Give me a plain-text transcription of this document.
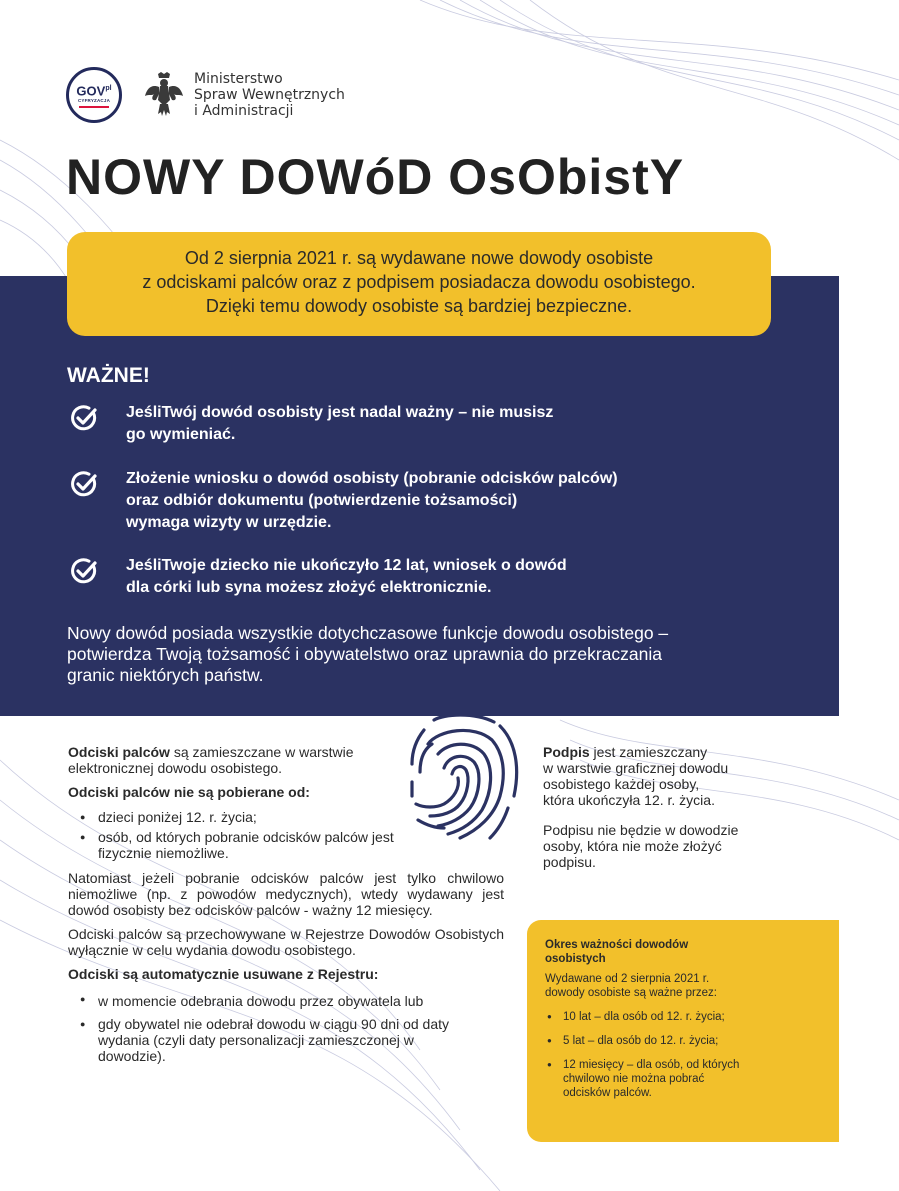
$GOV^{pl}$
CYFRYZACJA
Ministerstwo
Spraw Wewnętrznych
i Administracji
NOWY DOWóD OsObistY
Od 2 sierpnia 2021 r. są wydawane nowe dowody osobiste
z odciskami palców oraz z podpisem posiadacza dowodu osobistego.
Dzięki temu dowody osobiste są bardziej bezpieczne.
WAŻNE!
JeśliTwój dowód osobisty jest nadal ważny – nie musisz
go wymieniać.
Złożenie wniosku o dowód osobisty (pobranie odcisków palców)
oraz odbiór dokumentu (potwierdzenie tożsamości)
wymaga wizyty w urzędzie.
JeśliTwoje dziecko nie ukończyło 12 lat, wniosek o dowód
dla córki lub syna możesz złożyć elektronicznie.
Nowy dowód posiada wszystkie dotychczasowe funkcje dowodu osobistego –
potwierdza Twoją tożsamość i obywatelstwo oraz uprawnia do przekraczania
granic niektórych państw.

Odciski palców są zamieszczane w warstwie
elektronicznej dowodu osobistego.

Odciski palców nie są pobierane od:

● dzieci poniżej 12. r. życia;
● osób, od których pobranie odcisków palców jest fizycznie niemożliwe.

Natomiast jeżeli pobranie odcisków palców jest tylko chwilowo niemożliwe (np. z powodów medycznych), wtedy wydawany jest dowód osobisty bez odcisków palców - ważny 12 miesięcy.

Odciski palców są przechowywane w Rejestrze Dowodów Osobistych wyłącznie w celu wydania dowodu osobistego.

Odciski są automatycznie usuwane z Rejestru:

● w momencie odebrania dowodu przez obywatela lub
● gdy obywatel nie odebrał dowodu w ciągu 90 dni od daty wydania (czyli daty personalizacji zamieszczonej w dowodzie).

Podpis jest zamieszczany
w warstwie graficznej dowodu
osobistego każdej osoby,
która ukończyła 12. r. życia.

Podpisu nie będzie w dowodzie
osoby, która nie może złożyć
podpisu.

Okres ważności dowodów
osobistych
Wydawane od 2 sierpnia 2021 r.
dowody osobiste są ważne przez:
● 10 lat – dla osób od 12. r. życia;
● 5 lat – dla osób do 12. r. życia;
● 12 miesięcy – dla osób, od których
chwilowo nie można pobrać
odcisków palców.
